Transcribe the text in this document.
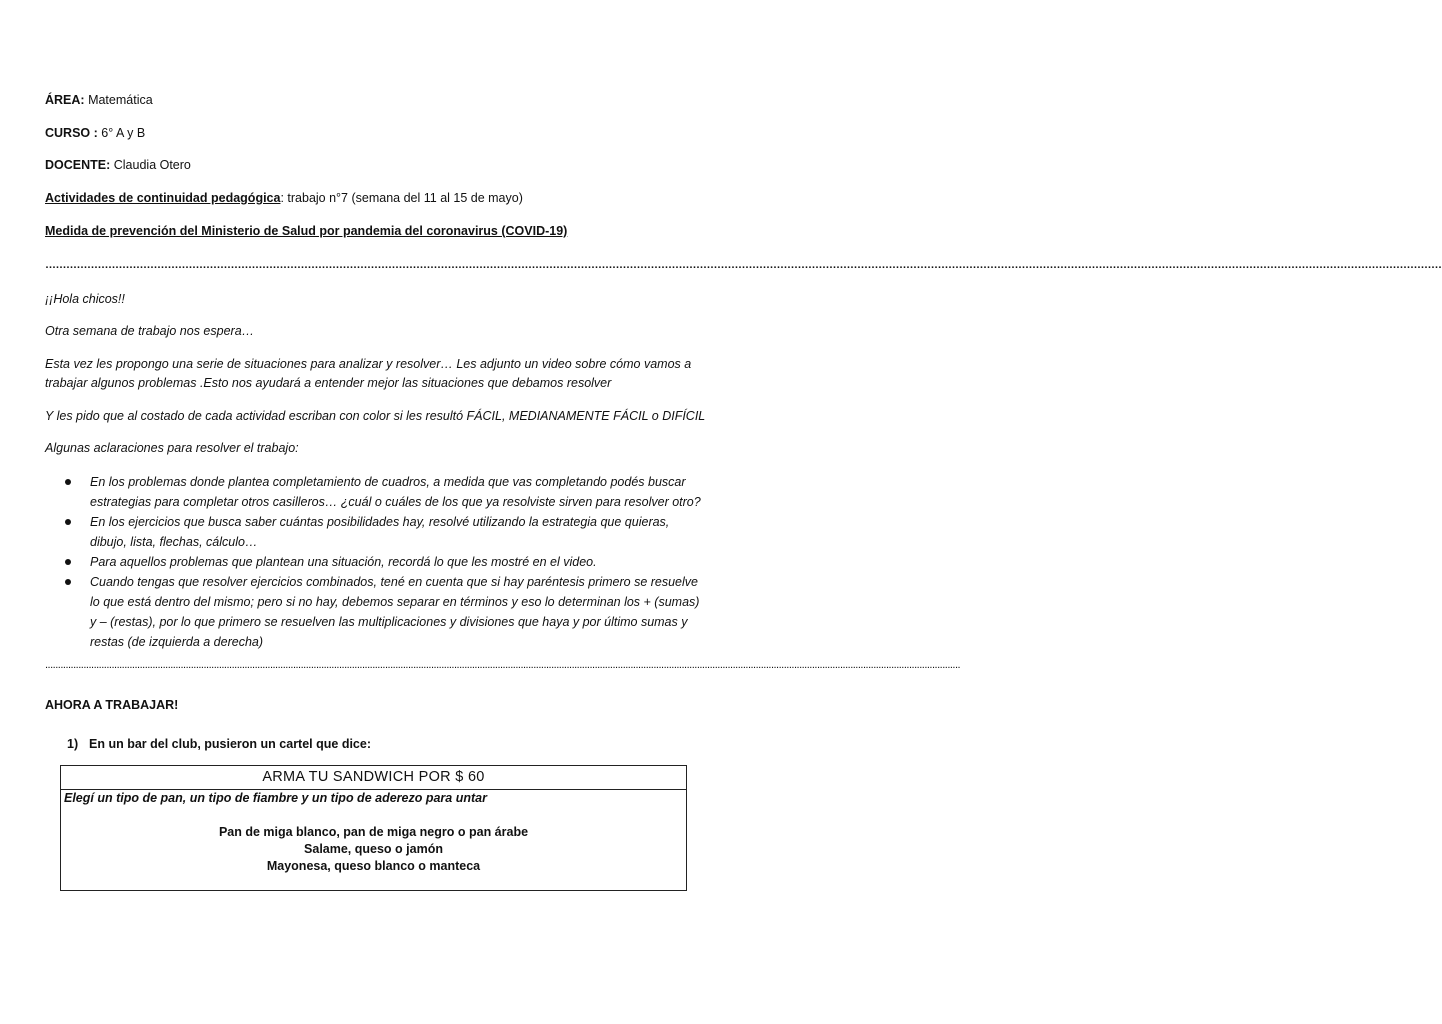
ÁREA: Matemática
CURSO : 6° A y B
DOCENTE: Claudia Otero
Actividades de continuidad pedagógica: trabajo n°7 (semana del 11 al 15 de mayo)
Medida de prevención del Ministerio de Salud por pandemia del coronavirus (COVID-19)
…………………………………………………………………………………………………………………………………………………………………………………………………………………………………………………………………………………………………………………………………………………………………
¡¡Hola chicos!!
Otra semana de trabajo nos espera…
Esta vez les propongo una serie de situaciones para analizar y resolver… Les adjunto un video sobre cómo vamos a
trabajar algunos problemas .Esto nos ayudará a entender mejor las situaciones que debamos resolver
Y les pido que al costado de cada actividad escriban con color si les resultó FÁCIL, MEDIANAMENTE FÁCIL o DIFÍCIL
Algunas aclaraciones para resolver el trabajo:
En los problemas donde plantea completamiento de cuadros, a medida que vas completando podés buscar estrategias para completar otros casilleros… ¿cuál o cuáles de los que ya resolviste sirven para resolver otro?
En los ejercicios que busca saber cuántas posibilidades hay, resolvé utilizando la estrategia que quieras, dibujo, lista, flechas, cálculo…
Para aquellos problemas que plantean una situación, recordá lo que les mostré en el video.
Cuando tengas que resolver ejercicios combinados, tené en cuenta que si hay paréntesis primero se resuelve lo que está dentro del mismo; pero si no hay, debemos separar en términos y eso lo determinan los + (sumas) y – (restas), por lo que primero se resuelven las multiplicaciones y divisiones que haya y por último sumas y restas (de izquierda a derecha)
......................................................................................................................................................................................................................................................................................................................................................................
AHORA A TRABAJAR!
1) En un bar del club, pusieron un cartel que dice:
ARMA TU SANDWICH POR $ 60
Elegí un tipo de pan, un tipo de fiambre y un tipo de aderezo para untar
Pan de miga blanco, pan de miga negro o pan árabe
Salame, queso o jamón
Mayonesa, queso blanco o manteca
